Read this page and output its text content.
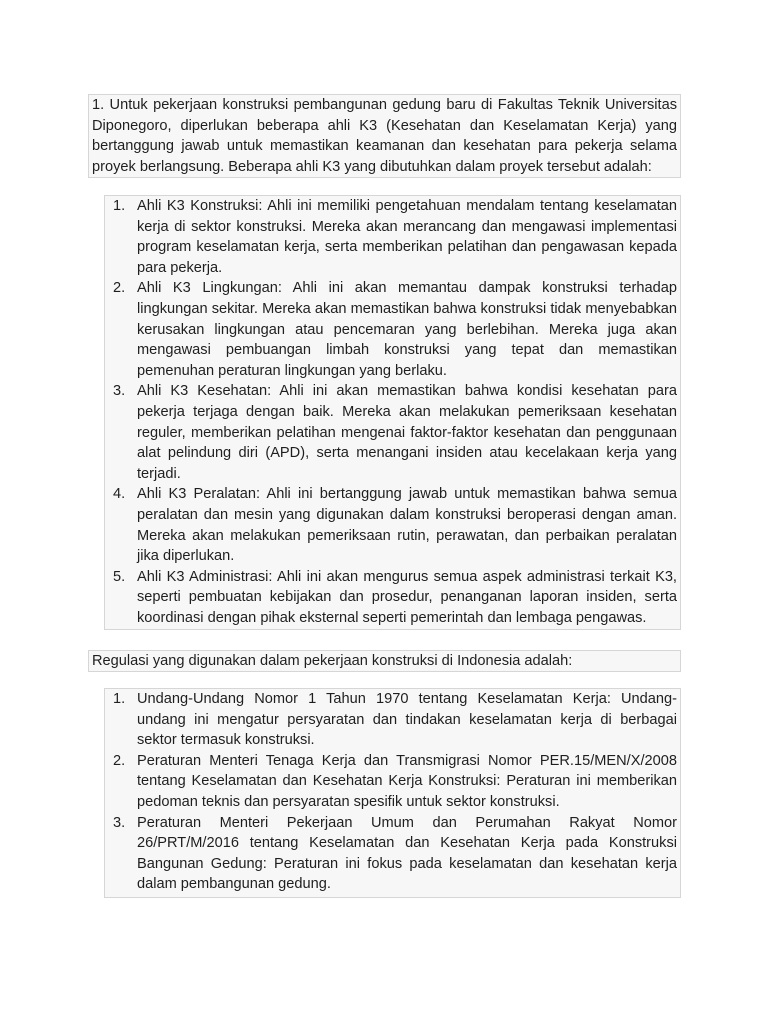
1. Untuk pekerjaan konstruksi pembangunan gedung baru di Fakultas Teknik Universitas Diponegoro, diperlukan beberapa ahli K3 (Kesehatan dan Keselamatan Kerja) yang bertanggung jawab untuk memastikan keamanan dan kesehatan para pekerja selama proyek berlangsung. Beberapa ahli K3 yang dibutuhkan dalam proyek tersebut adalah:

1. Ahli K3 Konstruksi: Ahli ini memiliki pengetahuan mendalam tentang keselamatan kerja di sektor konstruksi. Mereka akan merancang dan mengawasi implementasi program keselamatan kerja, serta memberikan pelatihan dan pengawasan kepada para pekerja.
2. Ahli K3 Lingkungan: Ahli ini akan memantau dampak konstruksi terhadap lingkungan sekitar. Mereka akan memastikan bahwa konstruksi tidak menyebabkan kerusakan lingkungan atau pencemaran yang berlebihan. Mereka juga akan mengawasi pembuangan limbah konstruksi yang tepat dan memastikan pemenuhan peraturan lingkungan yang berlaku.
3. Ahli K3 Kesehatan: Ahli ini akan memastikan bahwa kondisi kesehatan para pekerja terjaga dengan baik. Mereka akan melakukan pemeriksaan kesehatan reguler, memberikan pelatihan mengenai faktor-faktor kesehatan dan penggunaan alat pelindung diri (APD), serta menangani insiden atau kecelakaan kerja yang terjadi.
4. Ahli K3 Peralatan: Ahli ini bertanggung jawab untuk memastikan bahwa semua peralatan dan mesin yang digunakan dalam konstruksi beroperasi dengan aman. Mereka akan melakukan pemeriksaan rutin, perawatan, dan perbaikan peralatan jika diperlukan.
5. Ahli K3 Administrasi: Ahli ini akan mengurus semua aspek administrasi terkait K3, seperti pembuatan kebijakan dan prosedur, penanganan laporan insiden, serta koordinasi dengan pihak eksternal seperti pemerintah dan lembaga pengawas.

Regulasi yang digunakan dalam pekerjaan konstruksi di Indonesia adalah:

1. Undang-Undang Nomor 1 Tahun 1970 tentang Keselamatan Kerja: Undang-undang ini mengatur persyaratan dan tindakan keselamatan kerja di berbagai sektor termasuk konstruksi.
2. Peraturan Menteri Tenaga Kerja dan Transmigrasi Nomor PER.15/MEN/X/2008 tentang Keselamatan dan Kesehatan Kerja Konstruksi: Peraturan ini memberikan pedoman teknis dan persyaratan spesifik untuk sektor konstruksi.
3. Peraturan Menteri Pekerjaan Umum dan Perumahan Rakyat Nomor 26/PRT/M/2016 tentang Keselamatan dan Kesehatan Kerja pada Konstruksi Bangunan Gedung: Peraturan ini fokus pada keselamatan dan kesehatan kerja dalam pembangunan gedung.
